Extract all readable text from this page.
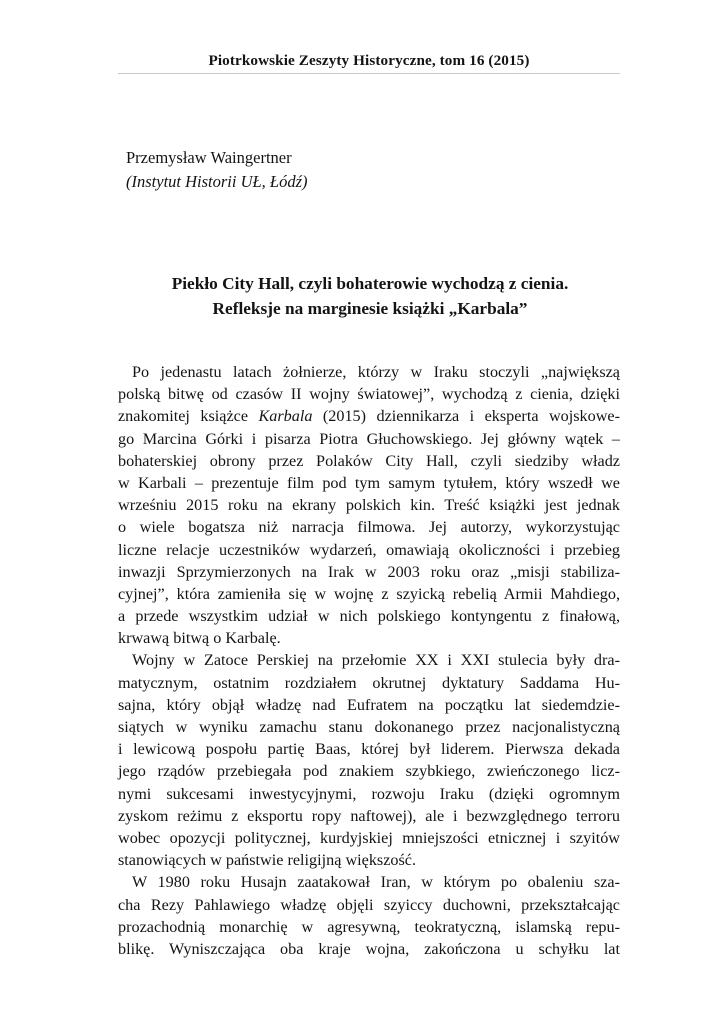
Piotrkowskie Zeszyty Historyczne, tom 16 (2015)
Przemysław Waingertner
(Instytut Historii UŁ, Łódź)
Piekło City Hall, czyli bohaterowie wychodzą z cienia.
Refleksje na marginesie książki „Karbala”
Po jedenastu latach żołnierze, którzy w Iraku stoczyli „największą
polską bitwę od czasów II wojny światowej”, wychodzą z cienia, dzięki
znakomitej książce Karbala (2015) dziennikarza i eksperta wojskowe-
go Marcina Górki i pisarza Piotra Głuchowskiego. Jej główny wątek –
bohaterskiej obrony przez Polaków City Hall, czyli siedziby władz
w Karbali – prezentuje film pod tym samym tytułem, który wszedł we
wrześniu 2015 roku na ekrany polskich kin. Treść książki jest jednak
o wiele bogatsza niż narracja filmowa. Jej autorzy, wykorzystując
liczne relacje uczestników wydarzeń, omawiają okoliczności i przebieg
inwazji Sprzymierzonych na Irak w 2003 roku oraz „misji stabiliza-
cyjnej”, która zamieniła się w wojnę z szyicką rebelią Armii Mahdiego,
a przede wszystkim udział w nich polskiego kontyngentu z finałową,
krwawą bitwą o Karbalę.
Wojny w Zatoce Perskiej na przełomie XX i XXI stulecia były dra-
matycznym, ostatnim rozdziałem okrutnej dyktatury Saddama Hu-
sajna, który objął władzę nad Eufratem na początku lat siedemdzie-
siątych w wyniku zamachu stanu dokonanego przez nacjonalistyczną
i lewicową pospołu partię Baas, której był liderem. Pierwsza dekada
jego rządów przebiegała pod znakiem szybkiego, zwieńczonego licz-
nymi sukcesami inwestycyjnymi, rozwoju Iraku (dzięki ogromnym
zyskom reżimu z eksportu ropy naftowej), ale i bezwzględnego terroru
wobec opozycji politycznej, kurdyjskiej mniejszości etnicznej i szyitów
stanowiących w państwie religijną większość.
W 1980 roku Husajn zaatakował Iran, w którym po obaleniu sza-
cha Rezy Pahlawiego władzę objęli szyiccy duchowni, przekształcając
prozachodnią monarchię w agresywną, teokratyczną, islamską repu-
blikę. Wyniszczająca oba kraje wojna, zakończona u schyłku lat
